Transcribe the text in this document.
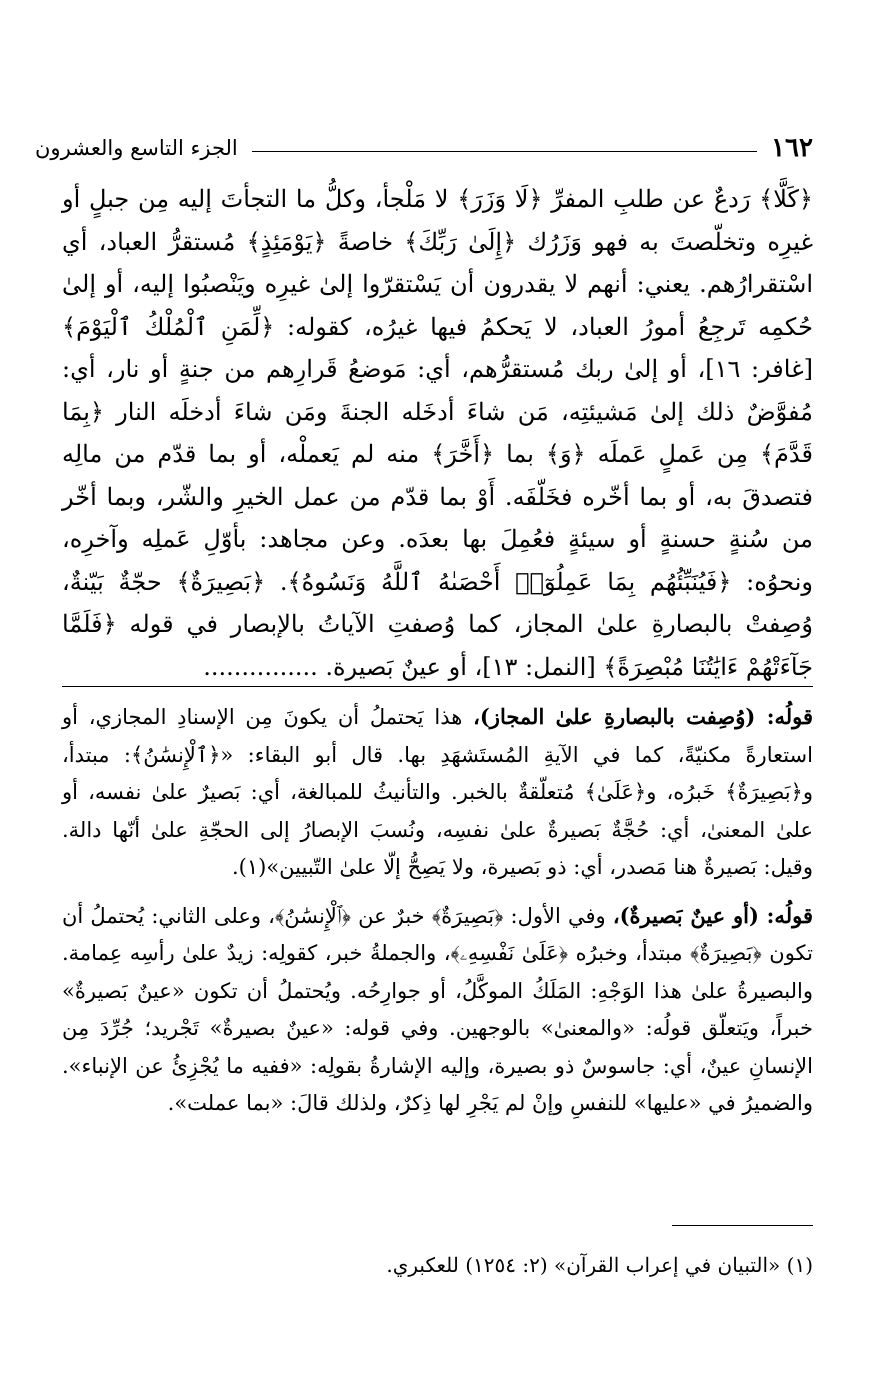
١٦٢
الجزء التاسع والعشرون

﴿كَلَّا﴾ رَدعٌ عن طلبِ المفرِّ ﴿لَا وَزَرَ﴾ لا مَلْجأ، وكلُّ ما التجأتَ إليه مِن جبلٍ أو غيرِه وتخلّصتَ به فهو وَزَرُك ﴿إِلَىٰ رَبِّكَ﴾ خاصةً ﴿يَوْمَئِذٍ﴾ مُستقرُّ العباد، أي اسْتقرارُهم. يعني: أنهم لا يقدرون أن يَسْتقرّوا إلىٰ غيرِه ويَنْصبُوا إليه، أو إلىٰ حُكمِه تَرجِعُ أمورُ العباد، لا يَحكمُ فيها غيرُه، كقوله: ﴿لِّمَنِ ٱلْمُلْكُ ٱلْيَوْمَ﴾ [غافر: ١٦]، أو إلىٰ ربك مُستقرُّهم، أي: مَوضعُ قَرارِهم من جنةٍ أو نار، أي: مُفوَّضٌ ذلك إلىٰ مَشيئتِه، مَن شاءَ أدخَله الجنةَ ومَن شاءَ أدخلَه النار ﴿بِمَا قَدَّمَ﴾ مِن عَملٍ عَملَه ﴿وَ﴾ بما ﴿أَخَّرَ﴾ منه لم يَعملْه، أو بما قدّم من مالِه فتصدقَ به، أو بما أخّره فخَلّفَه. أَوْ بما قدّم من عمل الخيرِ والشّر، وبما أخّر من سُنةٍ حسنةٍ أو سيئةٍ فعُمِلَ بها بعدَه. وعن مجاهد: بأوّلِ عَملِه وآخرِه، ونحوُه: ﴿فَيُنَبِّئُهُم بِمَا عَمِلُوٓا۟ أَحْصَىٰهُ ٱللَّهُ وَنَسُوهُ﴾. ﴿بَصِيرَةٌ﴾ حجّةٌ بَيّنةٌ، وُصِفتْ بالبصارةِ علىٰ المجاز، كما وُصفتِ الآياتُ بالإبصار في قوله ﴿فَلَمَّا جَآءَتْهُمْ ءَايَٰتُنَا مُبْصِرَةً﴾ [النمل: ١٣]، أو عينٌ بَصيرة. ...............

قولُه: (وُصِفت بالبصارةِ علىٰ المجاز)، هذا يَحتملُ أن يكونَ مِن الإسنادِ المجازي، أو استعارةً مكنيّةً، كما في الآيةِ المُستَشهَدِ بها. قال أبو البقاء: «﴿ٱلْإِنسَٰنُ﴾: مبتدأ، و﴿بَصِيرَةٌ﴾ خَبرُه، و﴿عَلَىٰ﴾ مُتعلّقةٌ بالخبر. والتأنيثُ للمبالغة، أي: بَصيرٌ علىٰ نفسه، أو علىٰ المعنىٰ، أي: حُجَّةٌ بَصيرةٌ علىٰ نفسِه، ونُسبَ الإبصارُ إلى الحجّةِ علىٰ أنّها دالة. وقيل: بَصيرةٌ هنا مَصدر، أي: ذو بَصيرة، ولا يَصِحُّ إلّا علىٰ التّبيين»(١).

قولُه: (أو عينٌ بَصيرةٌ)، وفي الأول: ﴿بَصِيرَةٌ﴾ خبرٌ عن ﴿ٱلْإِنسَٰنُ﴾، وعلى الثاني: يُحتملُ أن تكون ﴿بَصِيرَةٌ﴾ مبتدأ، وخبرُه ﴿عَلَىٰ نَفْسِهِۦ﴾، والجملةُ خبر، كقولِه: زيدٌ علىٰ رأسِه عِمامة. والبصيرةُ علىٰ هذا الوَجْهِ: المَلَكُ الموكَّلُ، أو جوارِحُه. ويُحتملُ أن تكون «عينٌ بَصيرةٌ» خبراً، ويَتعلّق قولُه: «والمعنىٰ» بالوجهين. وفي قوله: «عينٌ بصيرةٌ» تَجْريد؛ جُرِّدَ مِن الإنسانِ عينٌ، أي: جاسوسٌ ذو بصيرة، وإليه الإشارةُ بقولِه: «ففيه ما يُجْزِئُ عن الإنباء». والضميرُ في «عليها» للنفسِ وإنْ لم يَجْرِ لها ذِكرٌ، ولذلك قالَ: «بما عملت».

(١) «التبيان في إعراب القرآن» (٢: ١٢٥٤) للعكبري.
